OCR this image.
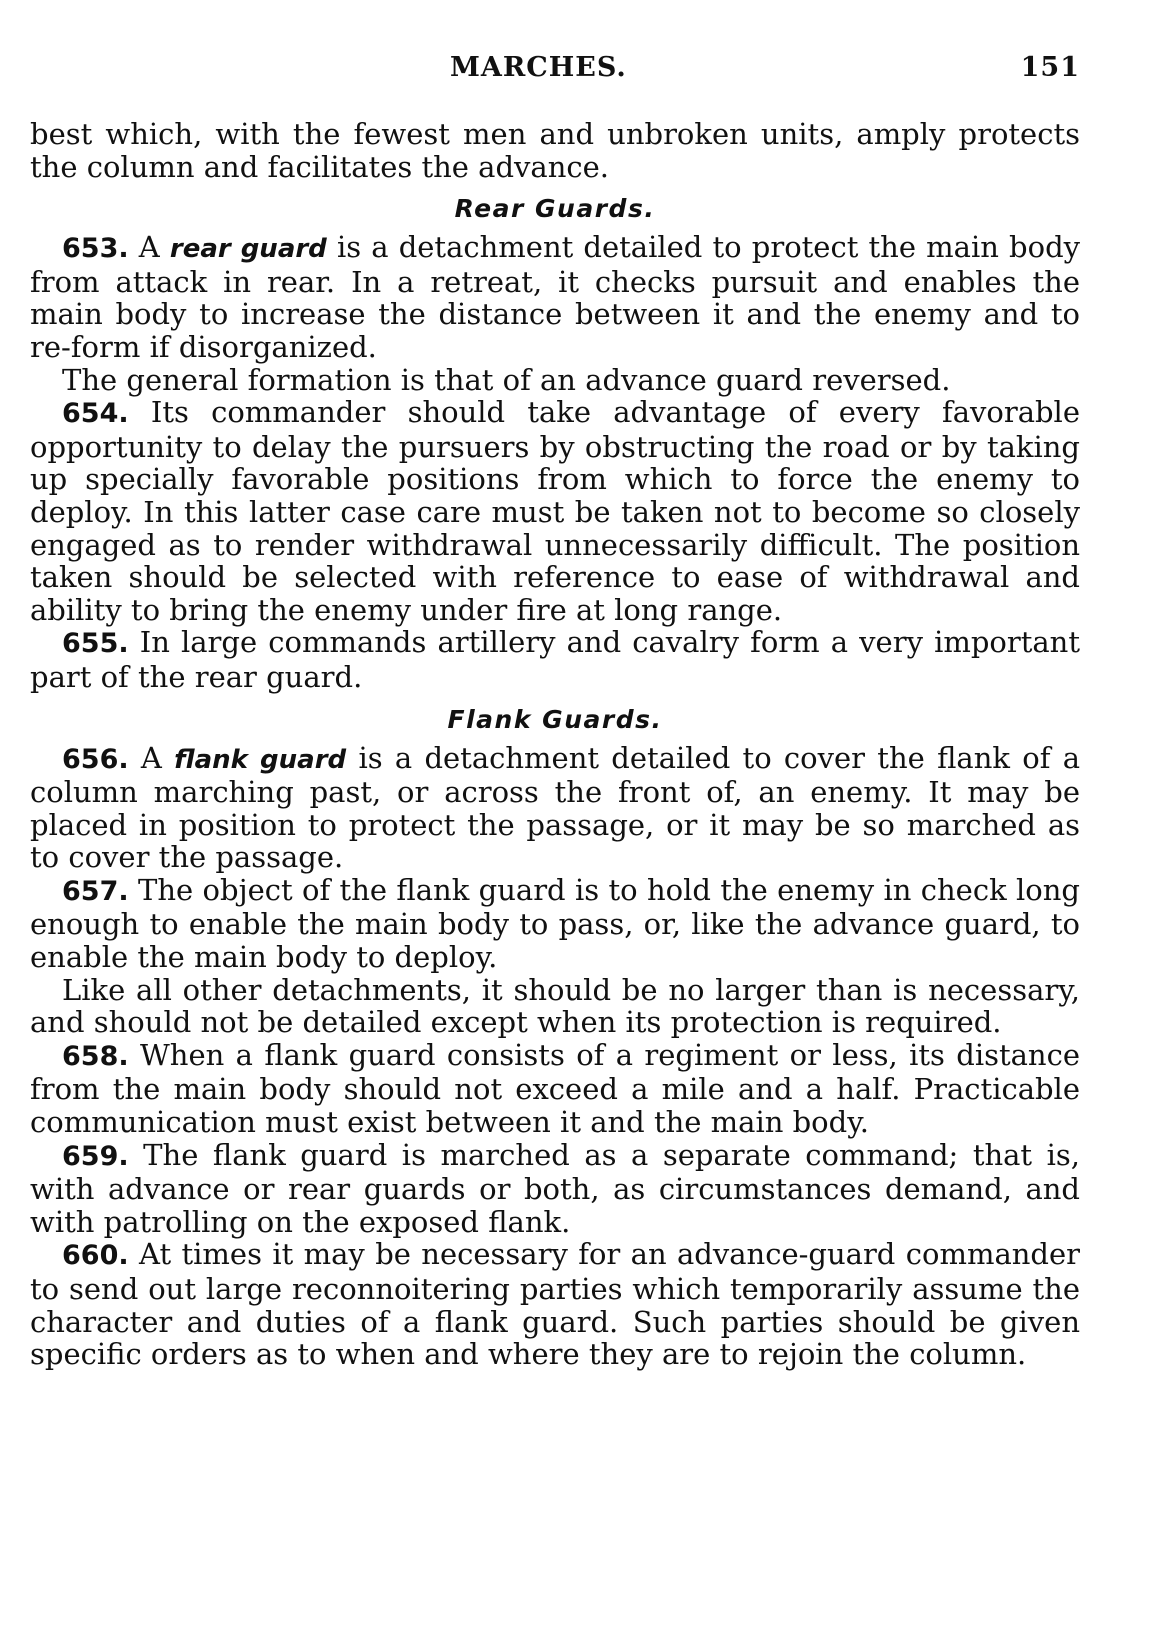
MARCHES.	151

best which, with the fewest men and unbroken units, amply protects the column and facilitates the advance.

Rear Guards.

653. A rear guard is a detachment detailed to protect the main body from attack in rear. In a retreat, it checks pursuit and enables the main body to increase the distance between it and the enemy and to re-form if disorganized.

The general formation is that of an advance guard reversed.

654. Its commander should take advantage of every favorable opportunity to delay the pursuers by obstructing the road or by taking up specially favorable positions from which to force the enemy to deploy. In this latter case care must be taken not to become so closely engaged as to render withdrawal unnecessarily difficult. The position taken should be selected with reference to ease of withdrawal and ability to bring the enemy under fire at long range.

655. In large commands artillery and cavalry form a very important part of the rear guard.

Flank Guards.

656. A flank guard is a detachment detailed to cover the flank of a column marching past, or across the front of, an enemy. It may be placed in position to protect the passage, or it may be so marched as to cover the passage.

657. The object of the flank guard is to hold the enemy in check long enough to enable the main body to pass, or, like the advance guard, to enable the main body to deploy.

Like all other detachments, it should be no larger than is necessary, and should not be detailed except when its protection is required.

658. When a flank guard consists of a regiment or less, its distance from the main body should not exceed a mile and a half. Practicable communication must exist between it and the main body.

659. The flank guard is marched as a separate command; that is, with advance or rear guards or both, as circumstances demand, and with patrolling on the exposed flank.

660. At times it may be necessary for an advance-guard commander to send out large reconnoitering parties which temporarily assume the character and duties of a flank guard. Such parties should be given specific orders as to when and where they are to rejoin the column.
